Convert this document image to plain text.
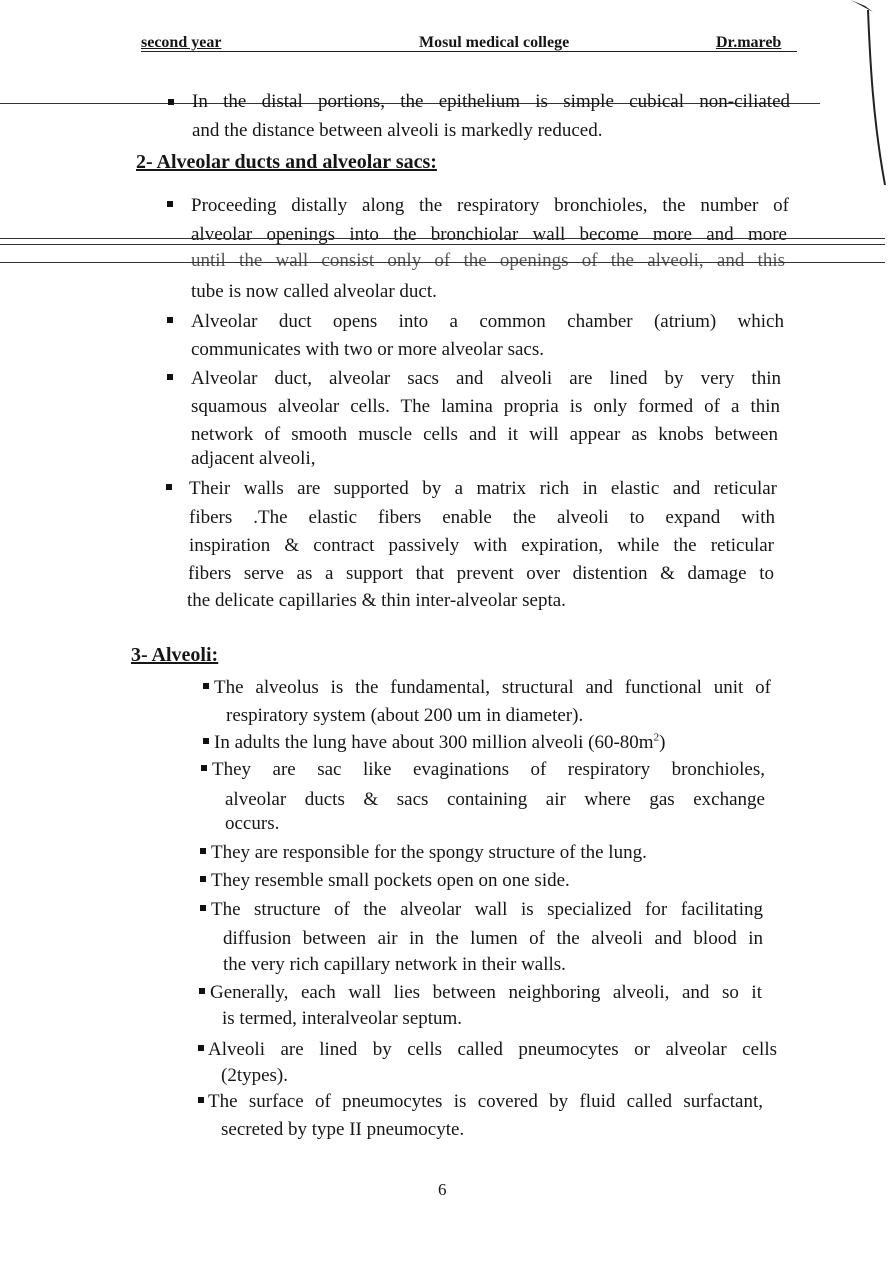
second year	Mosul medical college	Dr.mareb
In the distal portions, the epithelium is simple cubical non-ciliated
and the distance between alveoli is markedly reduced.
2- Alveolar ducts and alveolar sacs:
Proceeding distally along the respiratory bronchioles, the number of
alveolar openings into the bronchiolar wall become more and more
until the wall consist only of the openings of the alveoli, and this
tube is now called alveolar duct.
Alveolar duct opens into a common chamber (atrium) which
communicates with two or more alveolar sacs.
Alveolar duct, alveolar sacs and alveoli are lined by very thin
squamous alveolar cells. The lamina propria is only formed of a thin
network of smooth muscle cells and it will appear as knobs between
adjacent alveoli,
Their walls are supported by a matrix rich in elastic and reticular
fibers .The elastic fibers enable the alveoli to expand with
inspiration & contract passively with expiration, while the reticular
fibers serve as a support that prevent over distention & damage to
the delicate capillaries & thin inter-alveolar septa.
3- Alveoli:
The alveolus is the fundamental, structural and functional unit of
respiratory system (about 200 um in diameter).
In adults the lung have about 300 million alveoli $(60-80m^2)$
They are sac like evaginations of respiratory bronchioles,
alveolar ducts & sacs containing air where gas exchange
occurs.
They are responsible for the spongy structure of the lung.
They resemble small pockets open on one side.
The structure of the alveolar wall is specialized for facilitating
diffusion between air in the lumen of the alveoli and blood in
the very rich capillary network in their walls.
Generally, each wall lies between neighboring alveoli, and so it
is termed, interalveolar septum.
Alveoli are lined by cells called pneumocytes or alveolar cells
(2types).
The surface of pneumocytes is covered by fluid called surfactant,
secreted by type II pneumocyte.
6
